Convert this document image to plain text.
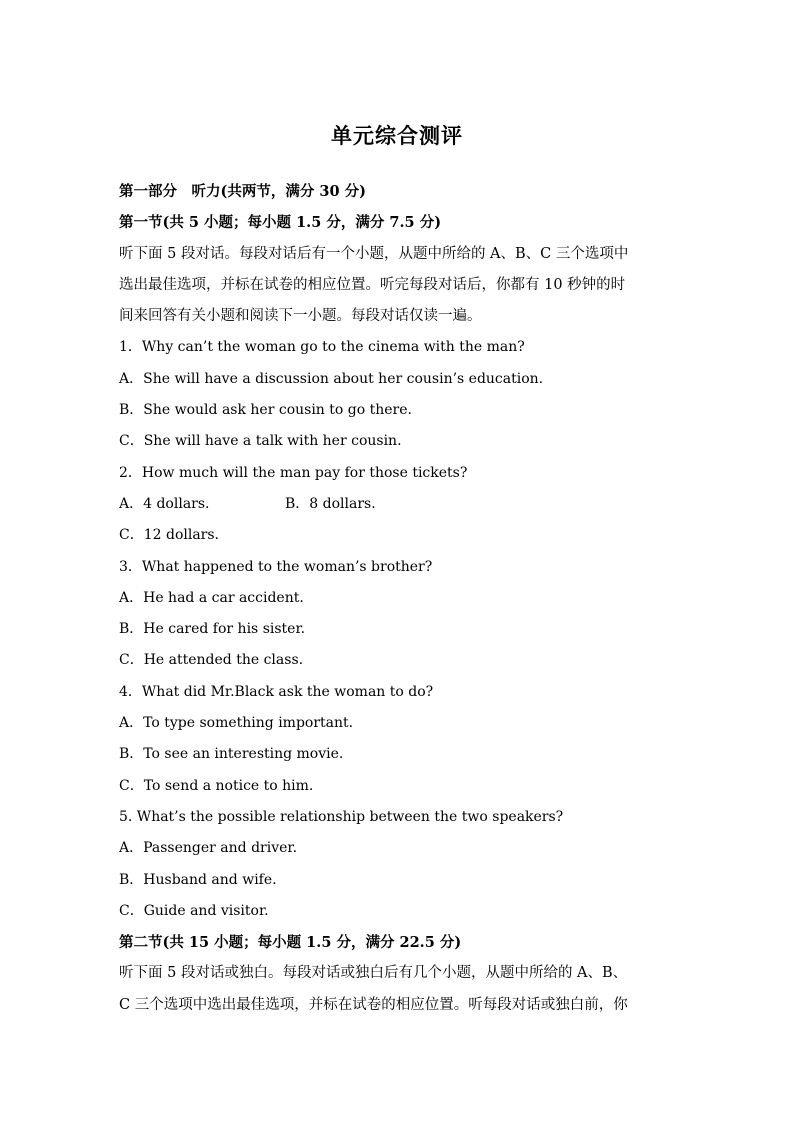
单元综合测评
第一部分　听力(共两节，满分 30 分)
第一节(共 5 小题；每小题 1.5 分，满分 7.5 分)
听下面 5 段对话。每段对话后有一个小题，从题中所给的 A、B、C 三个选项中
选出最佳选项，并标在试卷的相应位置。听完每段对话后，你都有 10 秒钟的时
间来回答有关小题和阅读下一小题。每段对话仅读一遍。
1．Why can’t the woman go to the cinema with the man?
A．She will have a discussion about her cousin’s education.
B．She would ask her cousin to go there.
C．She will have a talk with her cousin.
2．How much will the man pay for those tickets?
A．4 dollars.	B．8 dollars.
C．12 dollars.
3．What happened to the woman’s brother?
A．He had a car accident.
B．He cared for his sister.
C．He attended the class.
4．What did Mr.Black ask the woman to do?
A．To type something important.
B．To see an interesting movie.
C．To send a notice to him.
5. What’s the possible relationship between the two speakers?
A．Passenger and driver.
B．Husband and wife.
C．Guide and visitor.
第二节(共 15 小题；每小题 1.5 分，满分 22.5 分)
听下面 5 段对话或独白。每段对话或独白后有几个小题，从题中所给的 A、B、
C 三个选项中选出最佳选项，并标在试卷的相应位置。听每段对话或独白前，你
